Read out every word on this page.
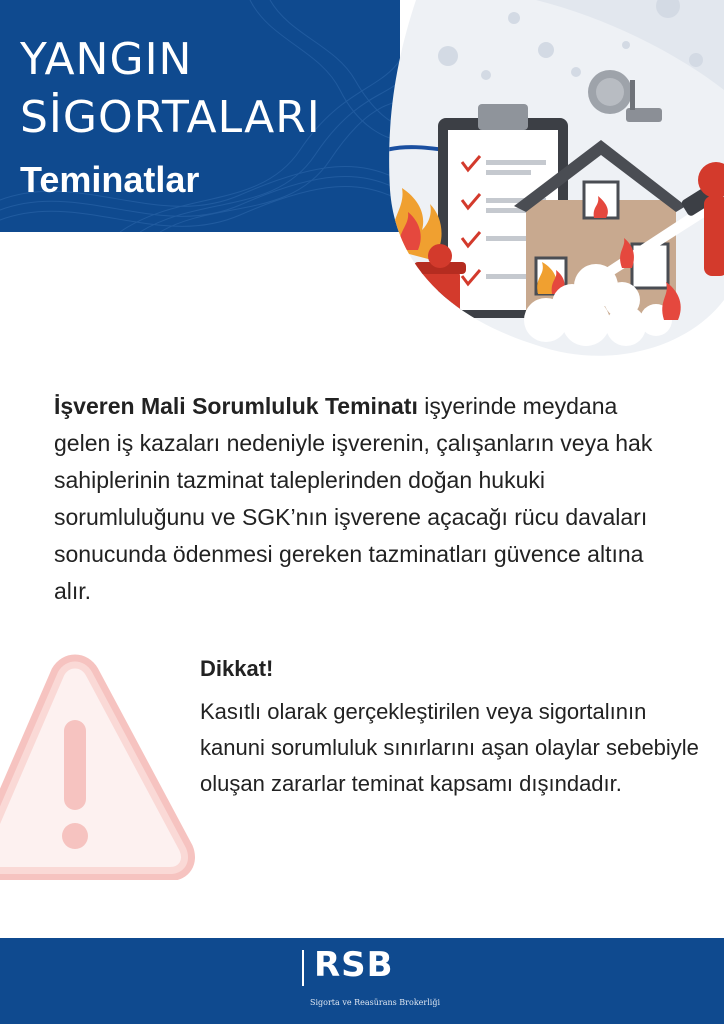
YANGIN
SİGORTALARI
Teminatlar

İşveren Mali Sorumluluk Teminatı işyerinde meydana gelen iş kazaları nedeniyle işverenin, çalışanların veya hak sahiplerinin tazminat taleplerinden doğan hukuki sorumluluğunu ve SGK’nın işverene açacağı rücu davaları sonucunda ödenmesi gereken tazminatları güvence altına alır.

Dikkat!

Kasıtlı olarak gerçekleştirilen veya sigortalının kanuni sorumluluk sınırlarını aşan olaylar sebebiyle oluşan zararlar teminat kapsamı dışındadır.

RSB
Sigorta ve Reasürans Brokerliği
